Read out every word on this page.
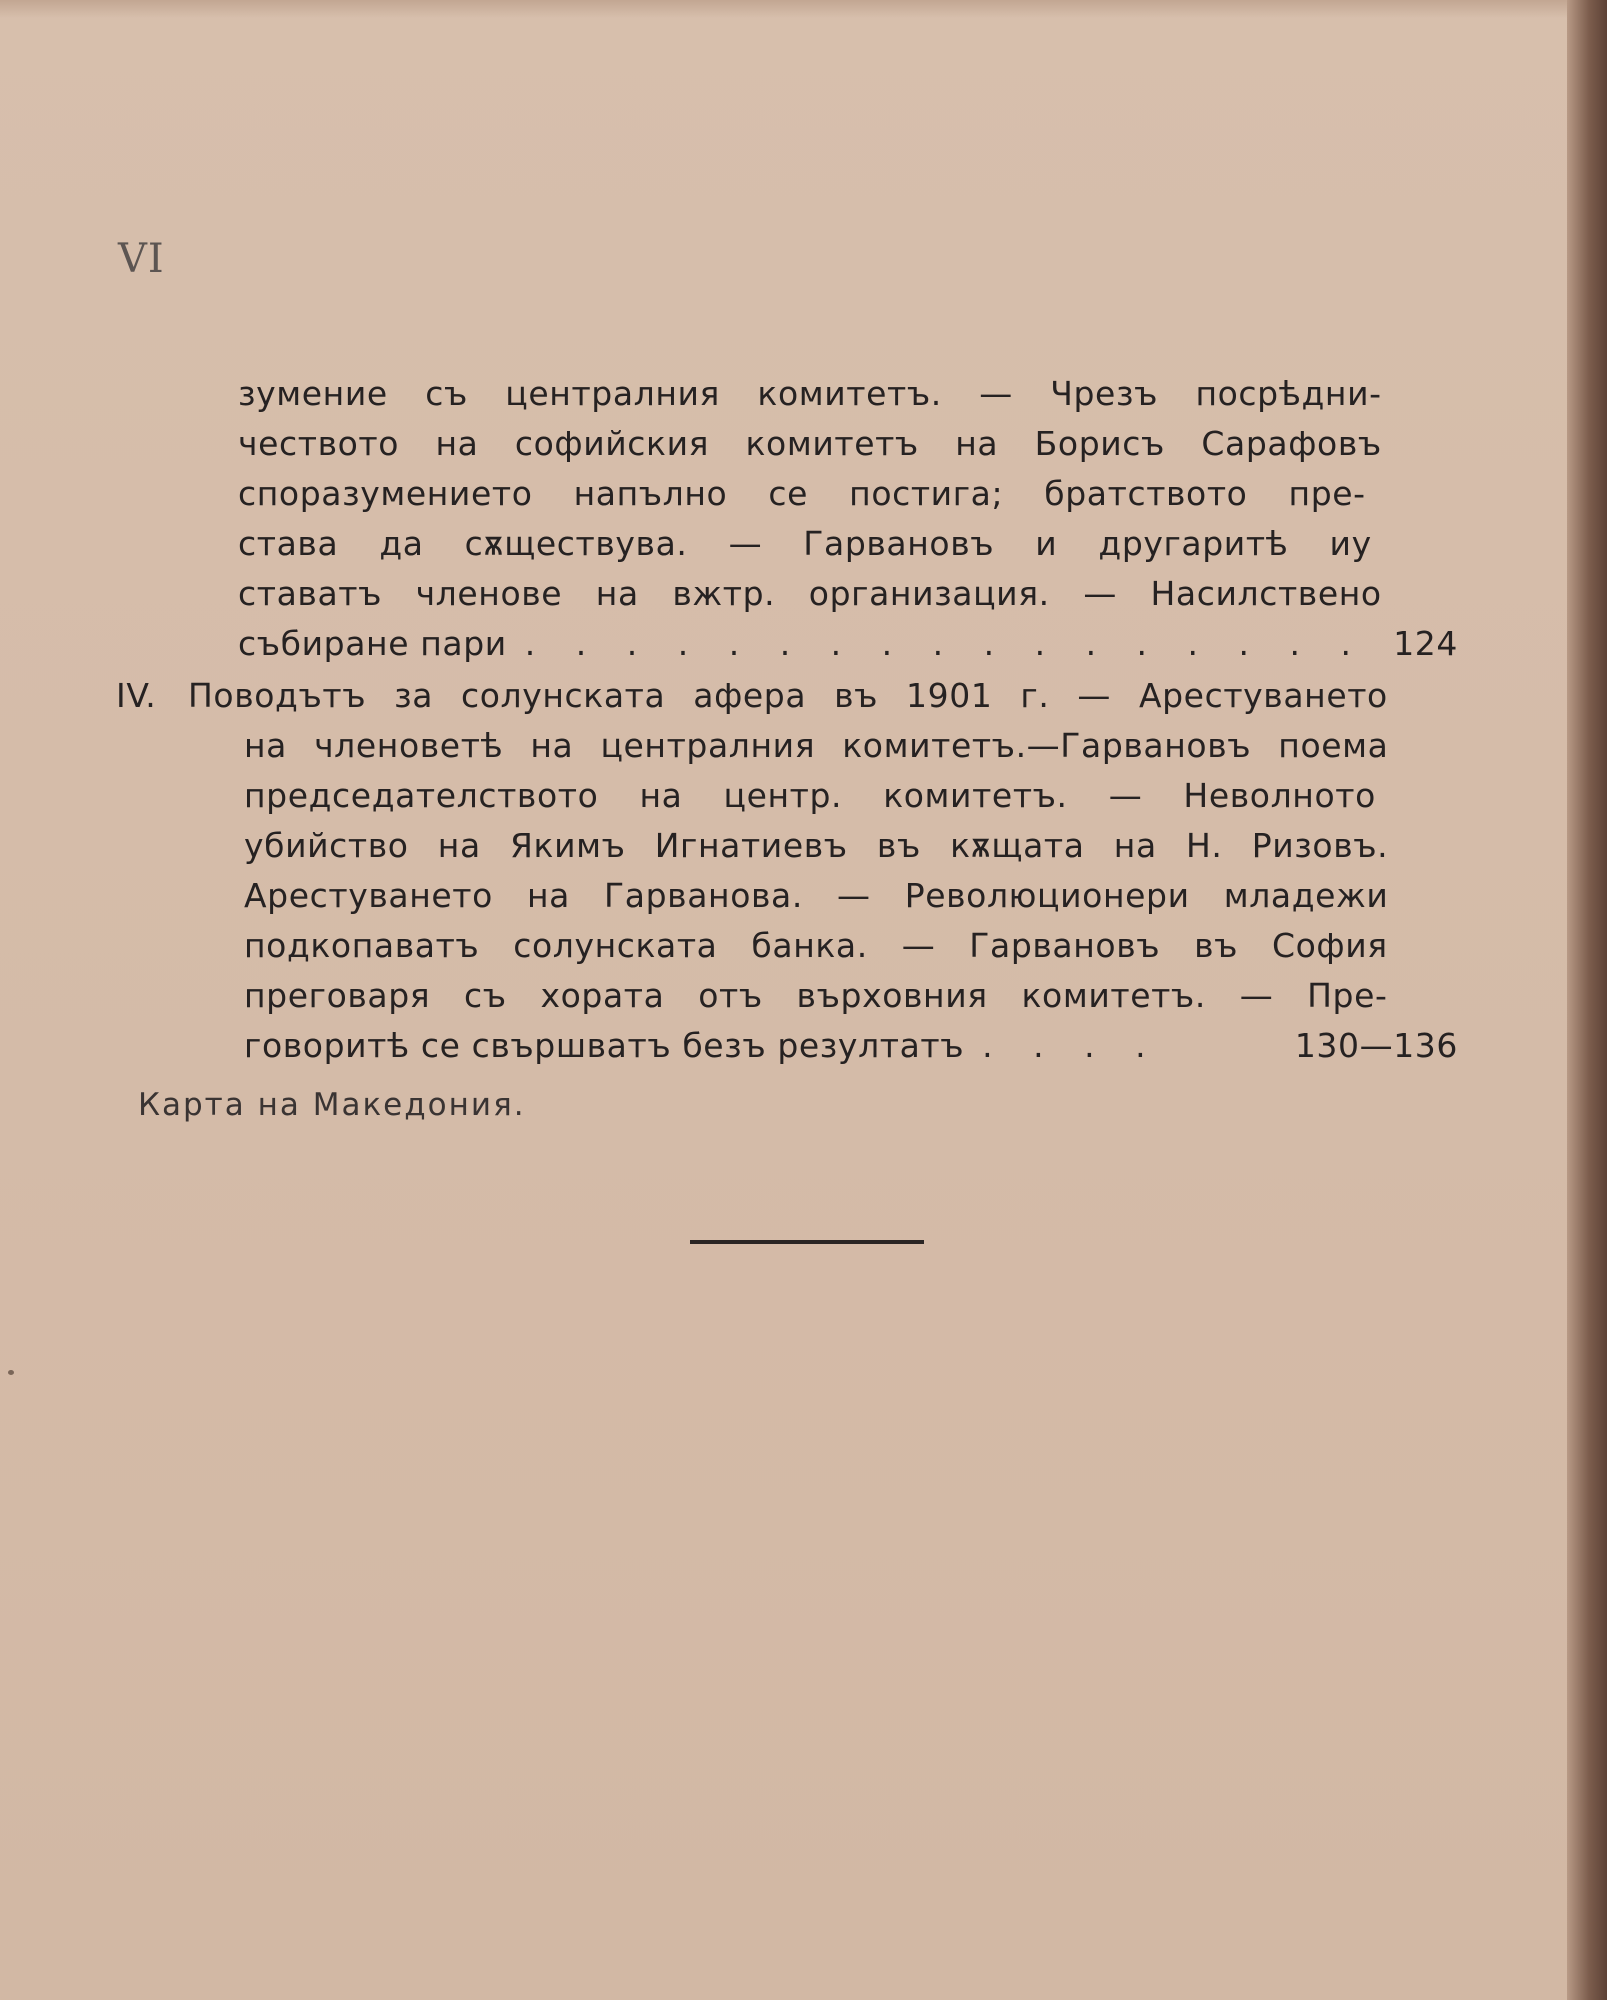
VI
зумение съ централния комитетъ. — Чрезъ посрѣдни-
чеството на софийския комитетъ на Борисъ Сарафовъ
споразумението напълно се постига; братството пре-
става да сѫществува. — Гарвановъ и другаритѣ иу
ставатъ членове на вжтр. организация. — Насилствено
събиране пари . . . . . . . . . . . . . . . . . 124
IV. Поводътъ за солунската афера въ 1901 г. — Арестуването
на членоветѣ на централния комитетъ.—Гарвановъ поема
председателството на центр. комитетъ. — Неволното
убийство на Якимъ Игнатиевъ въ кѫщата на Н. Ризовъ.
Арестуването на Гарванова. — Революционери младежи
подкопаватъ солунската банка. — Гарвановъ въ София
преговаря съ хората отъ върховния комитетъ. — Пре-
говоритѣ се свършватъ безъ резултатъ . . . .	130—136
Карта на Македония.
